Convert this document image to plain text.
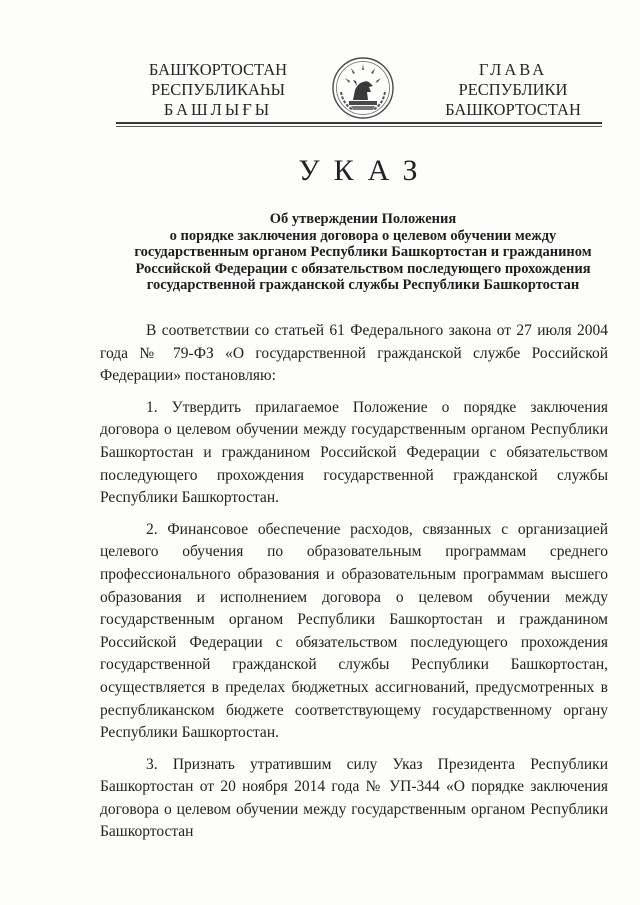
БАШҠОРТОСТАН
РЕСПУБЛИКАҺЫ
БАШЛЫҒЫ
ГЛАВА
РЕСПУБЛИКИ
БАШКОРТОСТАН
УКАЗ
Об утверждении Положения
о порядке заключения договора о целевом обучении между
государственным органом Республики Башкортостан и гражданином
Российской Федерации с обязательством последующего прохождения
государственной гражданской службы Республики Башкортостан

В соответствии со статьей 61 Федерального закона от 27 июля 2004 года № 79-ФЗ «О государственной гражданской службе Российской Федерации» постановляю:

1. Утвердить прилагаемое Положение о порядке заключения договора о целевом обучении между государственным органом Республики Башкортостан и гражданином Российской Федерации с обязательством последующего прохождения государственной гражданской службы Республики Башкортостан.

2. Финансовое обеспечение расходов, связанных с организацией целевого обучения по образовательным программам среднего профессионального образования и образовательным программам высшего образования и исполнением договора о целевом обучении между государственным органом Республики Башкортостан и гражданином Российской Федерации с обязательством последующего прохождения государственной гражданской службы Республики Башкортостан, осуществляется в пределах бюджетных ассигнований, предусмотренных в республиканском бюджете соответствующему государственному органу Республики Башкортостан.

3. Признать утратившим силу Указ Президента Республики Башкортостан от 20 ноября 2014 года № УП-344 «О порядке заключения договора о целевом обучении между государственным органом Республики Башкортостан
